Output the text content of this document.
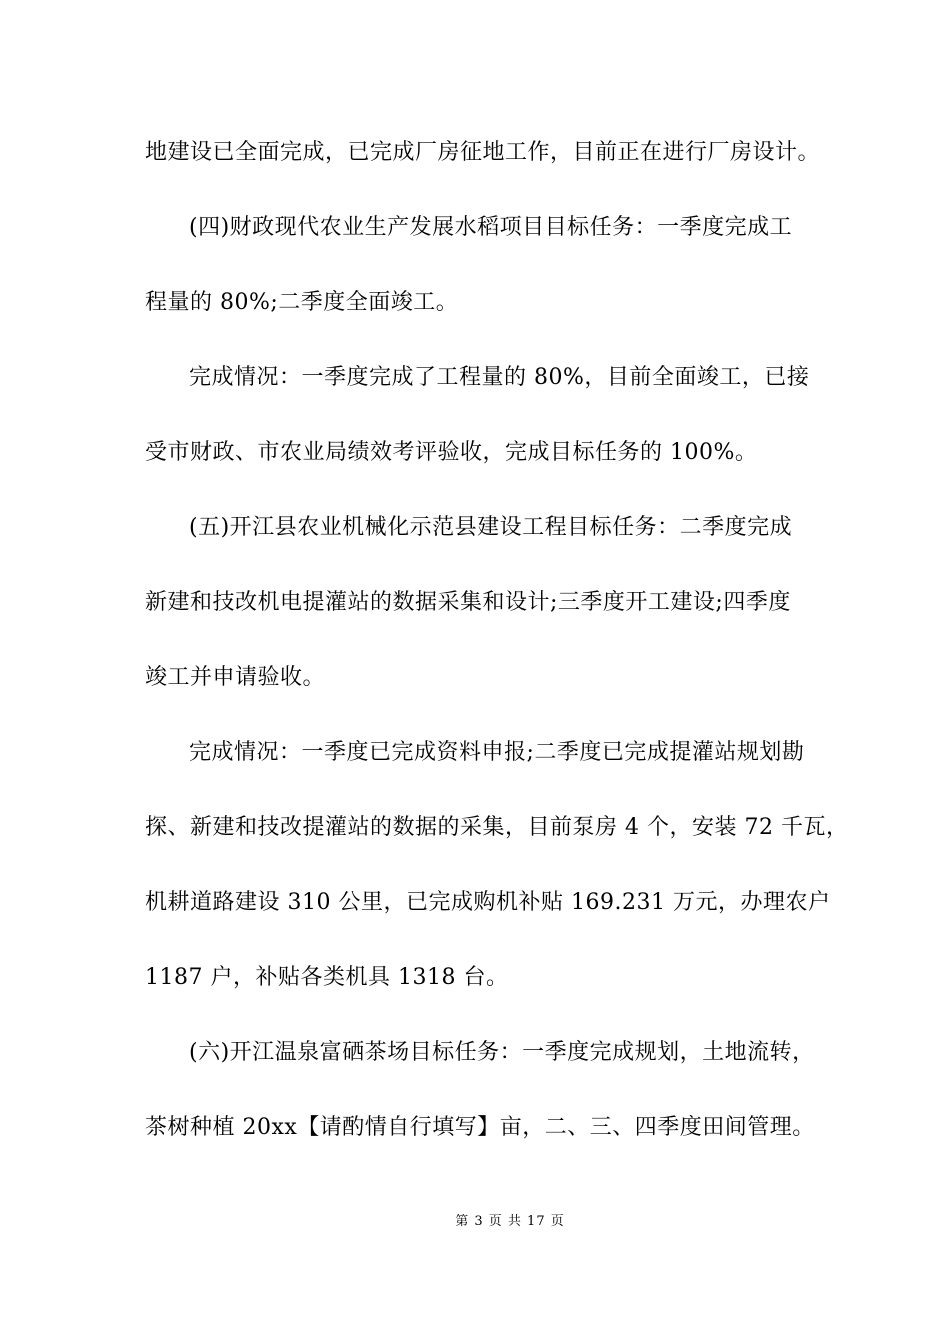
地建设已全面完成，已完成厂房征地工作，目前正在进行厂房设计。
(四)财政现代农业生产发展水稻项目目标任务：一季度完成工
程量的 80%;二季度全面竣工。
完成情况：一季度完成了工程量的 80%，目前全面竣工，已接
受市财政、市农业局绩效考评验收，完成目标任务的 100%。
(五)开江县农业机械化示范县建设工程目标任务：二季度完成
新建和技改机电提灌站的数据采集和设计;三季度开工建设;四季度
竣工并申请验收。
完成情况：一季度已完成资料申报;二季度已完成提灌站规划勘
探、新建和技改提灌站的数据的采集，目前泵房 4 个，安装 72 千瓦，
机耕道路建设 310 公里，已完成购机补贴 169.231 万元，办理农户
1187 户，补贴各类机具 1318 台。
(六)开江温泉富硒茶场目标任务：一季度完成规划，土地流转，
茶树种植 20xx【请酌情自行填写】亩，二、三、四季度田间管理。
第 3 页 共 17 页
